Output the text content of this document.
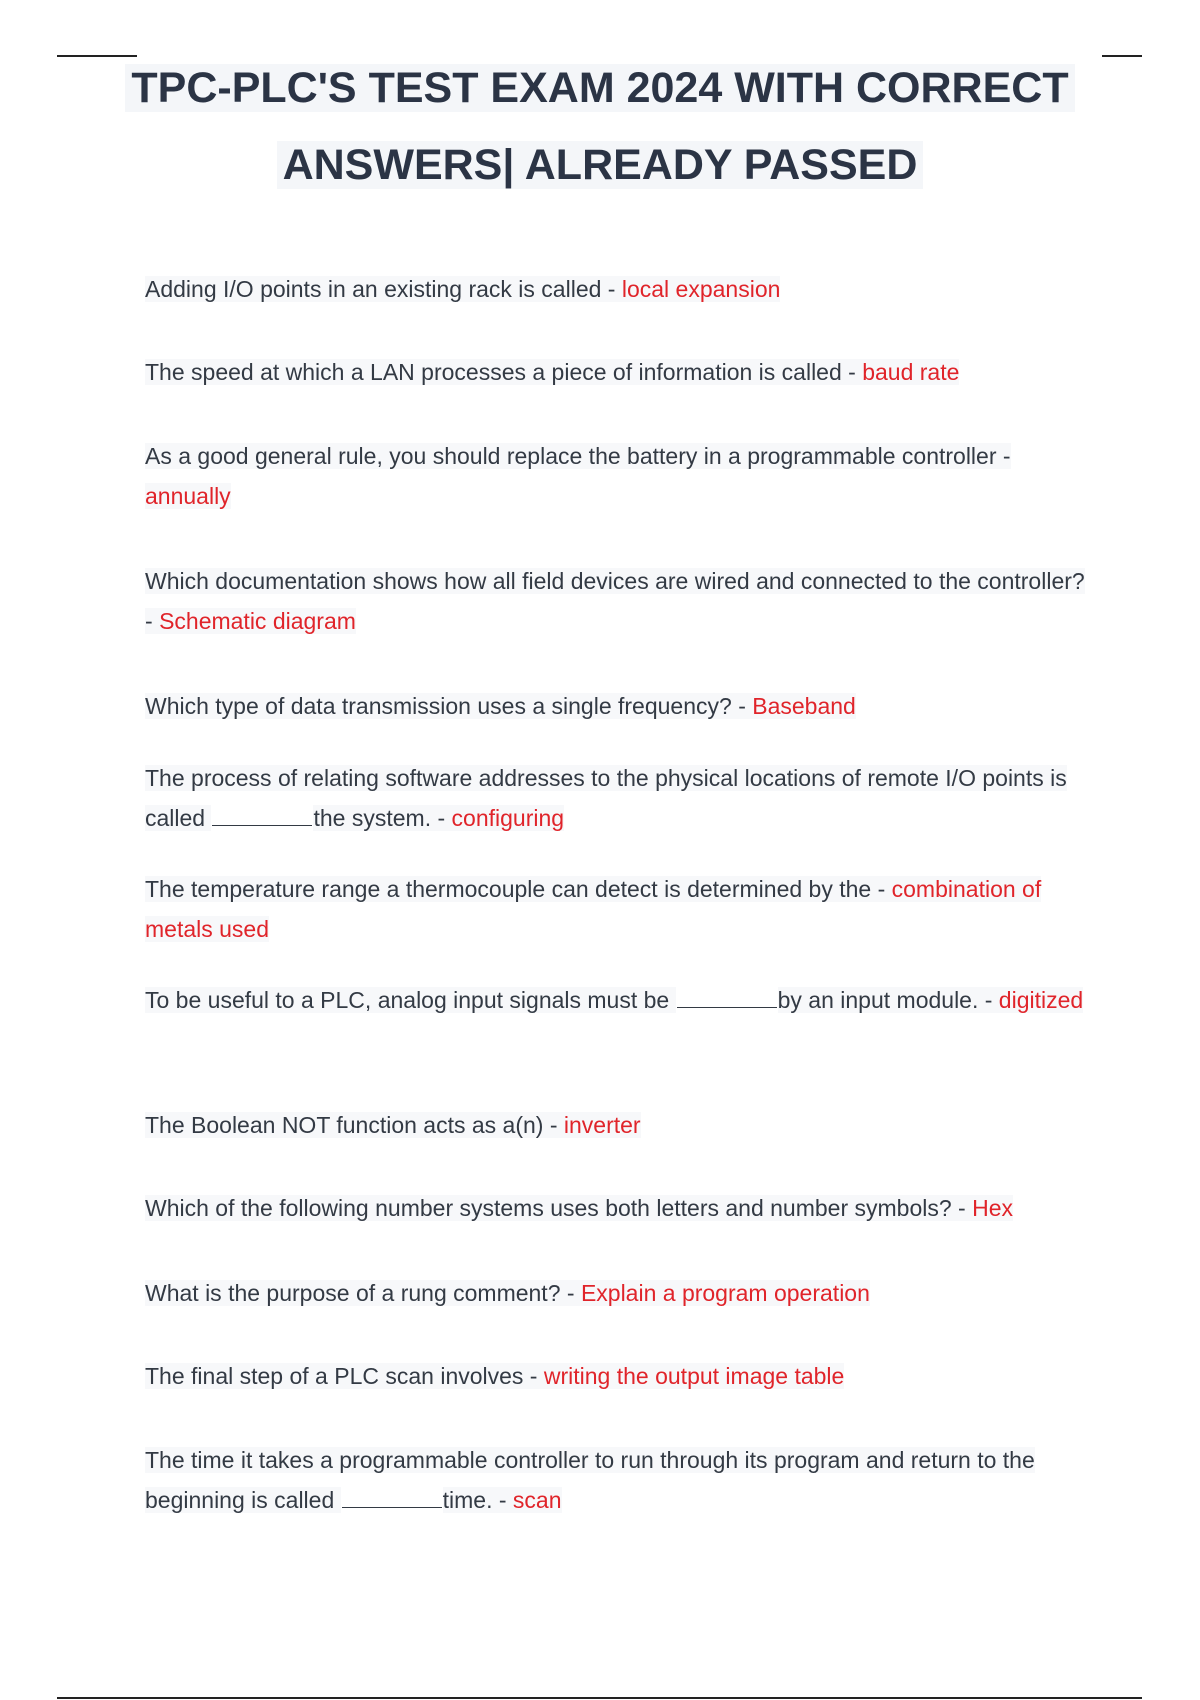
TPC-PLC'S TEST EXAM 2024 WITH CORRECT
ANSWERS| ALREADY PASSED

Adding I/O points in an existing rack is called - local expansion

The speed at which a LAN processes a piece of information is called - baud rate

As a good general rule, you should replace the battery in a programmable controller - annually

Which documentation shows how all field devices are wired and connected to the controller? - Schematic diagram

Which type of data transmission uses a single frequency? - Baseband

The process of relating software addresses to the physical locations of remote I/O points is called	the system. - configuring

The temperature range a thermocouple can detect is determined by the - combination of metals used

To be useful to a PLC, analog input signals must be	by an input module. - digitized

The Boolean NOT function acts as a(n) - inverter

Which of the following number systems uses both letters and number symbols? - Hex

What is the purpose of a rung comment? - Explain a program operation

The final step of a PLC scan involves - writing the output image table

The time it takes a programmable controller to run through its program and return to the beginning is called	time. - scan
